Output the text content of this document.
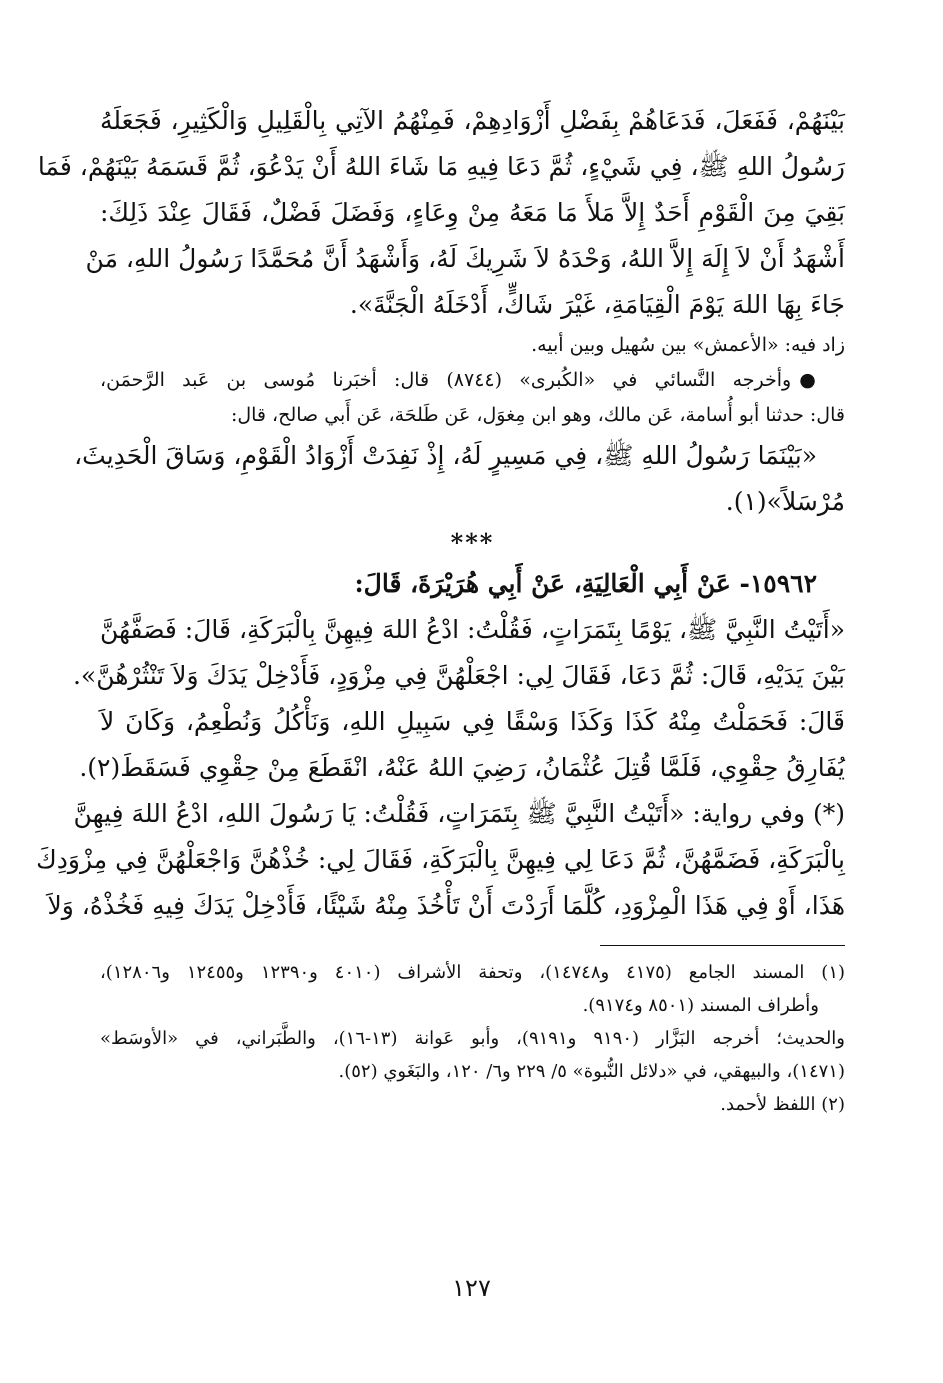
بَيْنَهُمْ، فَفَعَلَ، فَدَعَاهُمْ بِفَضْلِ أَزْوَادِهِمْ، فَمِنْهُمُ الآتِي بِالْقَلِيلِ وَالْكَثِيرِ، فَجَعَلَهُ
رَسُولُ اللهِ ﷺ، فِي شَيْءٍ، ثُمَّ دَعَا فِيهِ مَا شَاءَ اللهُ أَنْ يَدْعُوَ، ثُمَّ قَسَمَهُ بَيْنَهُمْ، فَمَا
بَقِيَ مِنَ الْقَوْمِ أَحَدٌ إِلاَّ مَلأَ مَا مَعَهُ مِنْ وِعَاءٍ، وَفَضَلَ فَضْلٌ، فَقَالَ عِنْدَ ذَلِكَ:
أَشْهَدُ أَنْ لاَ إِلَهَ إِلاَّ اللهُ، وَحْدَهُ لاَ شَرِيكَ لَهُ، وَأَشْهَدُ أَنَّ مُحَمَّدًا رَسُولُ اللهِ، مَنْ
جَاءَ بِهَا اللهَ يَوْمَ الْقِيَامَةِ، غَيْرَ شَاكٍّ، أَدْخَلَهُ الْجَنَّةَ».
زاد فيه: «الأعمش» بين سُهيل وبين أبيه.
●وأخرجه النَّسائي في «الكُبرى» (٨٧٤٤) قال: أخبَرنا مُوسى بن عَبد الرَّحمَن،
قال: حدثنا أبو أُسامة، عَن مالك، وهو ابن مِغوَل، عَن طَلحَة، عَن أَبي صالح، قال:
«بَيْنَمَا رَسُولُ اللهِ ﷺ، فِي مَسِيرٍ لَهُ، إِذْ نَفِدَتْ أَزْوَادُ الْقَوْمِ، وَسَاقَ الْحَدِيثَ،
مُرْسَلاً»(١).
***
١٥٩٦٢- عَنْ أَبِي الْعَالِيَةِ، عَنْ أَبِي هُرَيْرَةَ، قَالَ:
«أَتَيْتُ النَّبِيَّ ﷺ، يَوْمًا بِتَمَرَاتٍ، فَقُلْتُ: ادْعُ اللهَ فِيهِنَّ بِالْبَرَكَةِ، قَالَ: فَصَفَّهُنَّ
بَيْنَ يَدَيْهِ، قَالَ: ثُمَّ دَعَا، فَقَالَ لِي: اجْعَلْهُنَّ فِي مِزْوَدٍ، فَأَدْخِلْ يَدَكَ وَلاَ تَنْثُرْهُنَّ».
قَالَ: فَحَمَلْتُ مِنْهُ كَذَا وَكَذَا وَسْقًا فِي سَبِيلِ اللهِ، وَنَأْكُلُ وَنُطْعِمُ، وَكَانَ لاَ
يُفَارِقُ حِقْوِي، فَلَمَّا قُتِلَ عُثْمَانُ، رَضِيَ اللهُ عَنْهُ، انْقَطَعَ مِنْ حِقْوِي فَسَقَطَ(٢).
(*) وفي رواية: «أَتَيْتُ النَّبِيَّ ﷺ بِتَمَرَاتٍ، فَقُلْتُ: يَا رَسُولَ اللهِ، ادْعُ اللهَ فِيهِنَّ
بِالْبَرَكَةِ، فَضَمَّهُنَّ، ثُمَّ دَعَا لِي فِيهِنَّ بِالْبَرَكَةِ، فَقَالَ لِي: خُذْهُنَّ وَاجْعَلْهُنَّ فِي مِزْوَدِكَ
هَذَا، أَوْ فِي هَذَا الْمِزْوَدِ، كُلَّمَا أَرَدْتَ أَنْ تَأْخُذَ مِنْهُ شَيْئًا، فَأَدْخِلْ يَدَكَ فِيهِ فَخُذْهُ، وَلاَ
(١) المسند الجامع (٤١٧٥ و١٤٧٤٨)، وتحفة الأشراف (٤٠١٠ و١٢٣٩٠ و١٢٤٥٥ و١٢٨٠٦)،
وأطراف المسند (٨٥٠١ و٩١٧٤).
والحديث؛ أخرجه البَزَّار (٩١٩٠ و٩١٩١)، وأبو عَوانة (١٣-١٦)، والطَّبَراني، في «الأوسَط»
(١٤٧١)، والبيهقي، في «دلائل النُّبوة» ٥/ ٢٢٩ و٦/ ١٢٠، والبَغَوي (٥٢).
(٢) اللفظ لأحمد.
١٢٧
